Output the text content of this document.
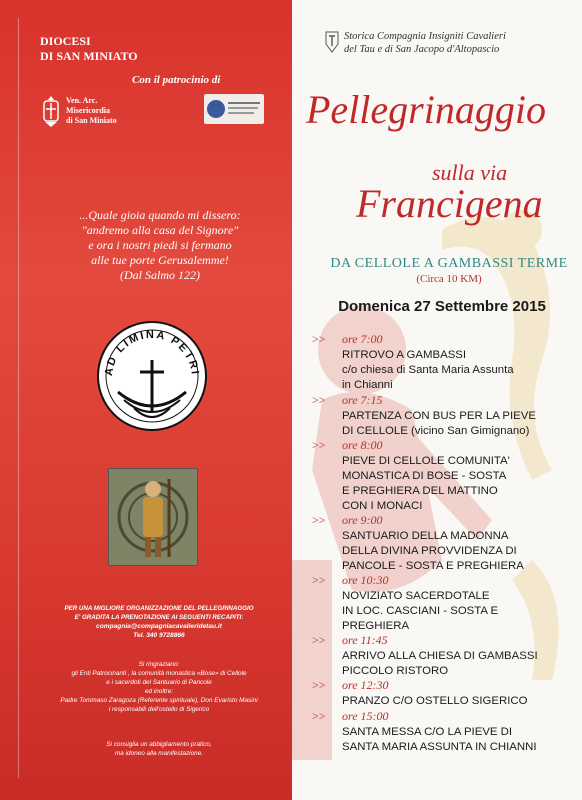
DIOCESI
DI SAN MINIATO
Con il patrocinio di
Ven. Arc.
Misericordia
di San Miniato
...Quale gioia quando mi dissero:
"andremo alla casa del Signore"
e ora i nostri piedi si fermano
alle tue porte Gerusalemme!
(Dal Salmo 122)
AD LIMINA PETRI
PER UNA MIGLIORE ORGANIZZAZIONE DEL PELLEGRINAGGIO
E' GRADITA LA PRENOTAZIONE AI SEGUENTI RECAPITI:
compagnia@compagniacavalieridetau.it
Tel. 340 9728866
Si ringraziano:
gli Enti Patrocinanti , la comunità monastica «Bose» di Cellole
e i sacerdoti del Santuario di Pancole
ed inoltre:
Padre Tommaso Zaragoza (Referente spirituale), Don Evaristo Masini
i responsabili dell'ostello di Sigerico
Si consiglia un abbigliamento pratico,
ma idoneo alla manifestazione.
Storica Compagnia Insigniti Cavalieri
del Tau e di San Jacopo d'Altopascio
Pellegrinaggio
sulla via
Francigena
DA CELLOLE A GAMBASSI TERME
(Circa 10 KM)
Domenica 27 Settembre 2015
>> ore 7:00
RITROVO A GAMBASSI
c/o chiesa di Santa Maria Assunta
in Chianni
>> ore 7:15
PARTENZA CON BUS PER LA PIEVE
DI CELLOLE (vicino San Gimignano)
>> ore 8:00
PIEVE DI CELLOLE COMUNITA'
MONASTICA DI BOSE - SOSTA
E PREGHIERA DEL MATTINO
CON I MONACI
>> ore 9:00
SANTUARIO DELLA MADONNA
DELLA DIVINA PROVVIDENZA DI
PANCOLE - SOSTA E PREGHIERA
>> ore 10:30
NOVIZIATO SACERDOTALE
IN LOC. CASCIANI - SOSTA E
PREGHIERA
>> ore 11:45
ARRIVO ALLA CHIESA DI GAMBASSI
PICCOLO RISTORO
>> ore 12:30
PRANZO C/O OSTELLO SIGERICO
>> ore 15:00
SANTA MESSA C/O LA PIEVE DI
SANTA MARIA ASSUNTA IN CHIANNI
